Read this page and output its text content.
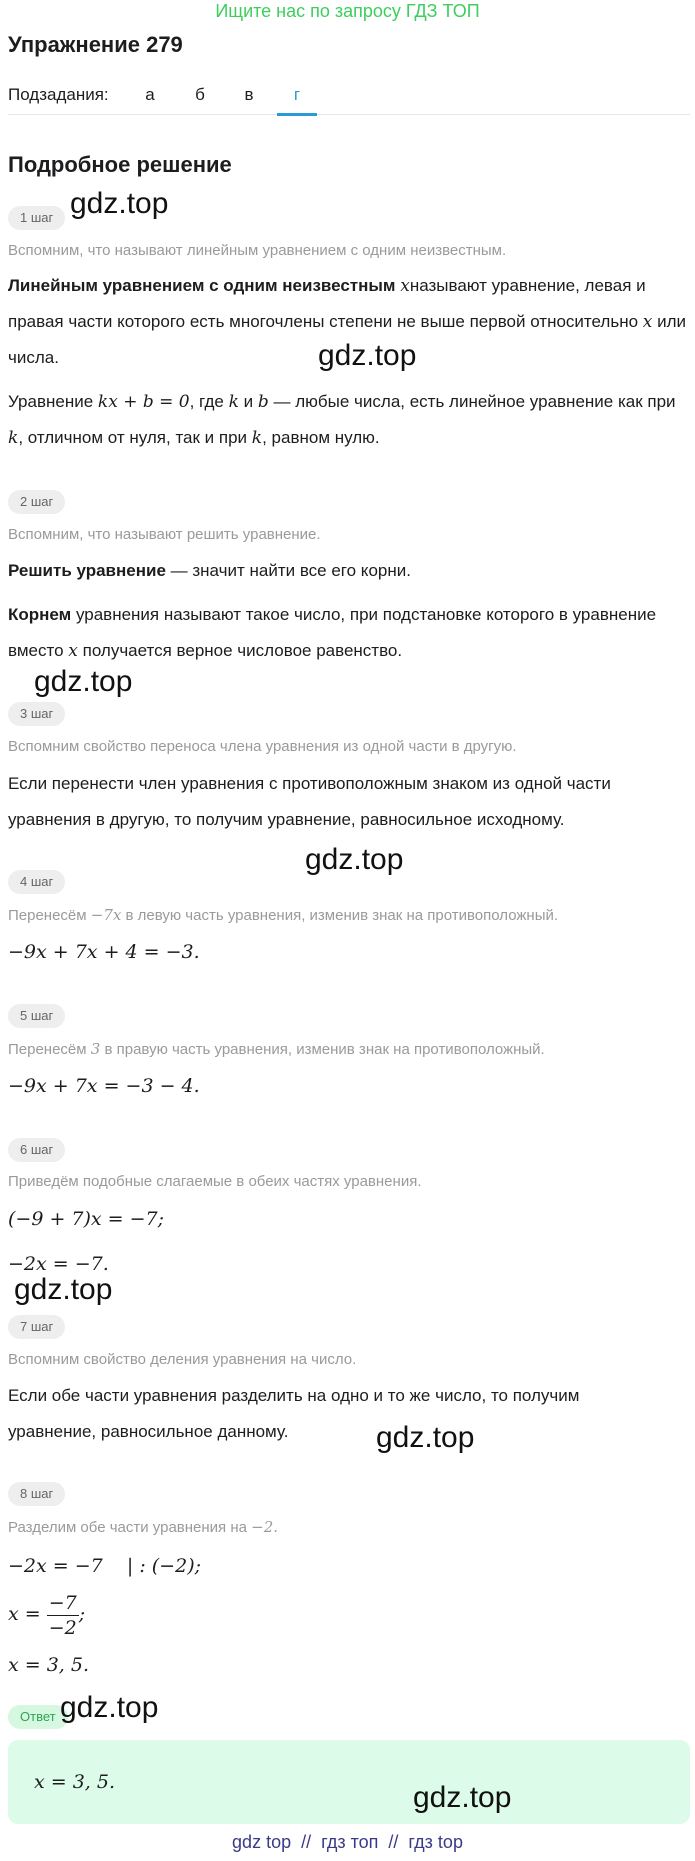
Ищите нас по запросу ГДЗ ТОП
Упражнение 279
Подзадания:	а	б	в	г
Подробное решение
1 шаг gdz.top
Вспомним, что называют линейным уравнением с одним неизвестным.
Линейным уравнением с одним неизвестным xназывают уравнение, левая и правая части которого есть многочлены степени не выше первой относительно x или числа.	gdz.top
Уравнение kx + b = 0, где k и b — любые числа, есть линейное уравнение как при k, отличном от нуля, так и при k, равном нулю.
2 шаг
Вспомним, что называют решить уравнение.
Решить уравнение — значит найти все его корни.
Корнем уравнения называют такое число, при подстановке которого в уравнение вместо x получается верное числовое равенство.
gdz.top
3 шаг
Вспомним свойство переноса члена уравнения из одной части в другую.
Если перенести член уравнения с противоположным знаком из одной части уравнения в другую, то получим уравнение, равносильное исходному.
gdz.top
4 шаг
Перенесём −7x в левую часть уравнения, изменив знак на противоположный.
−9x + 7x + 4 = −3.
5 шаг
Перенесём 3 в правую часть уравнения, изменив знак на противоположный.
−9x + 7x = −3 − 4.
6 шаг
Приведём подобные слагаемые в обеих частях уравнения.
(−9 + 7)x = −7;
−2x = −7.
gdz.top
7 шаг
Вспомним свойство деления уравнения на число.
Если обе части уравнения разделить на одно и то же число, то получим уравнение, равносильное данному.	gdz.top
8 шаг
Разделим обе части уравнения на −2.
−2x = −7    | : (−2);
$x = \frac{-7}{-2}$ ;
x = 3, 5.
Ответ gdz.top
x = 3, 5.	gdz.top
gdz top  //  гдз топ  //  гдз top
